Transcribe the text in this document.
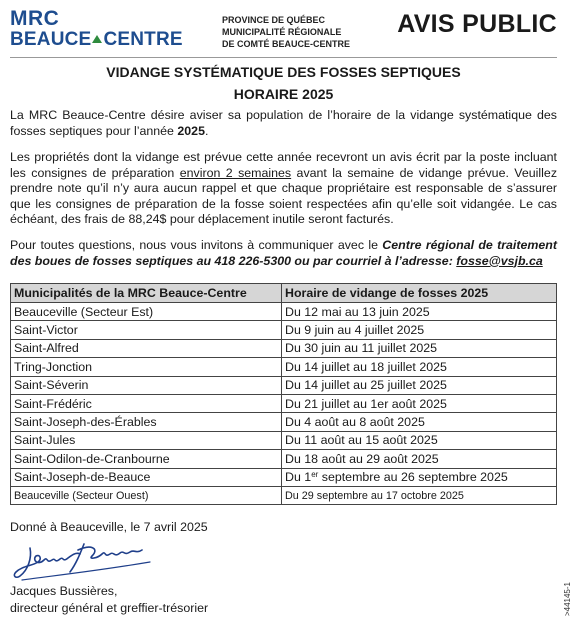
MRC
BEAUCE CENTRE
PROVINCE DE QUÉBEC
MUNICIPALITÉ RÉGIONALE
DE COMTÉ BEAUCE-CENTRE
AVIS PUBLIC
VIDANGE SYSTÉMATIQUE DES FOSSES SEPTIQUES
HORAIRE 2025
La MRC Beauce-Centre désire aviser sa population de l’horaire de la vidange systématique des fosses septiques pour l’année 2025.
Les propriétés dont la vidange est prévue cette année recevront un avis écrit par la poste incluant les consignes de préparation environ 2 semaines avant la semaine de vidange prévue. Veuillez prendre note qu’il n’y aura aucun rappel et que chaque propriétaire est responsable de s’assurer que les consignes de préparation de la fosse soient respectées afin qu’elle soit vidangée. Le cas échéant, des frais de 88,24$ pour déplacement inutile seront facturés.
Pour toutes questions, nous vous invitons à communiquer avec le Centre régional de traitement des boues de fosses septiques au 418 226-5300 ou par courriel à l’adresse: fosse@vsjb.ca
Municipalités de la MRC Beauce-Centre	Horaire de vidange de fosses 2025
Beauceville (Secteur Est)	Du 12 mai au 13 juin 2025
Saint-Victor	Du 9 juin au 4 juillet 2025
Saint-Alfred	Du 30 juin au 11 juillet 2025
Tring-Jonction	Du 14 juillet au 18 juillet 2025
Saint-Séverin	Du 14 juillet au 25 juillet 2025
Saint-Frédéric	Du 21 juillet au 1er août 2025
Saint-Joseph-des-Érables	Du 4 août au 8 août 2025
Saint-Jules	Du 11 août au 15 août 2025
Saint-Odilon-de-Cranbourne	Du 18 août au 29 août 2025
Saint-Joseph-de-Beauce	Du 1er septembre au 26 septembre 2025
Beauceville (Secteur Ouest)	Du 29 septembre au 17 octobre 2025
Donné à Beauceville, le 7 avril 2025
Jacques Bussières,
directeur général et greffier-trésorier	>44145-1
